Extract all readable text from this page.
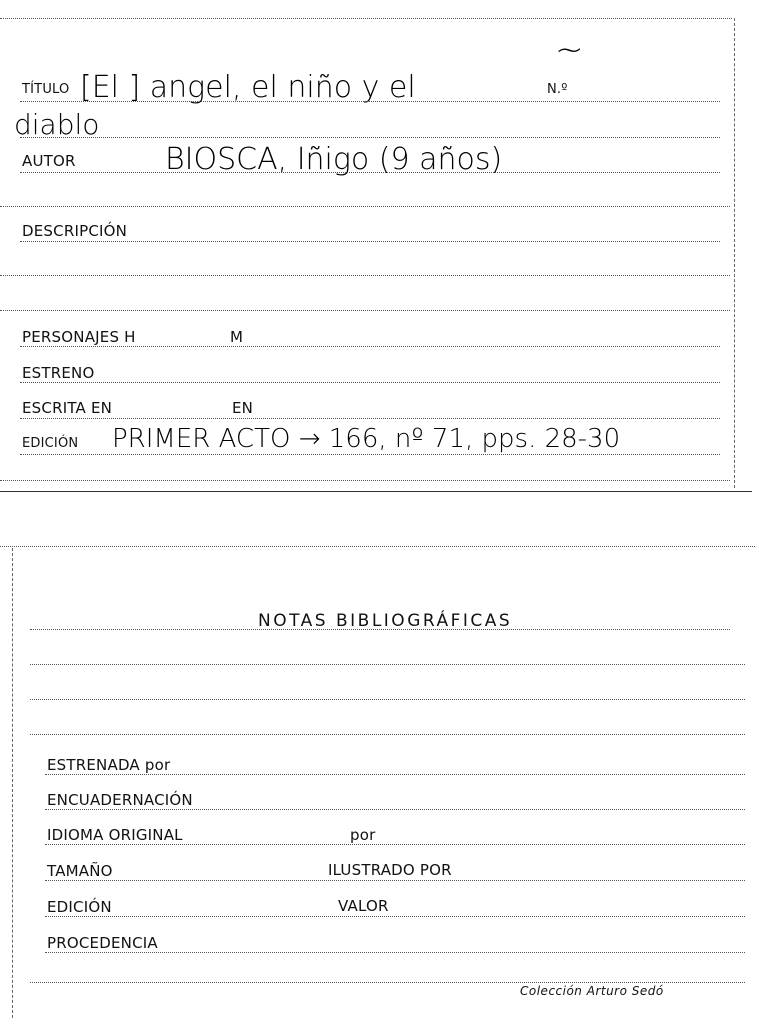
TÍTULO [El ] angel, el niño y el	N.º
~
diablo
AUTOR	BIOSCA, Iñigo (9 años)
DESCRIPCIÓN
PERSONAJES H	M
ESTRENO
ESCRITA EN	EN
EDICIÓN PRIMER ACTO → 166, nº 71, pps. 28-30
NOTAS BIBLIOGRÁFICAS
ESTRENADA por
ENCUADERNACIÓN
IDIOMA ORIGINAL	por
TAMAÑO	ILUSTRADO POR
EDICIÓN	VALOR
PROCEDENCIA
Colección Arturo Sedó
